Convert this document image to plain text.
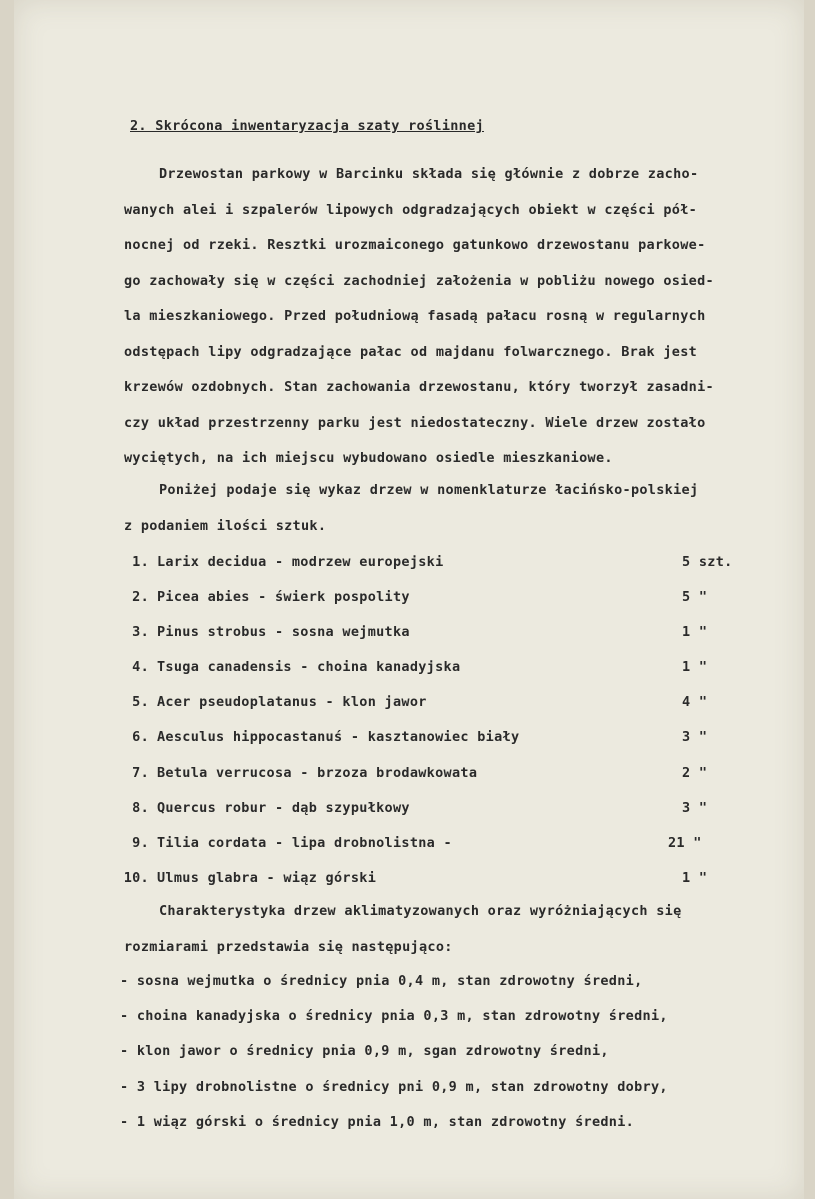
2. Skrócona inwentaryzacja szaty roślinnej
Drzewostan parkowy w Barcinku składa się głównie z dobrze zacho-
wanych alei i szpalerów lipowych odgradzających obiekt w części pół-
nocnej od rzeki. Resztki urozmaiconego gatunkowo drzewostanu parkowe-
go zachowały się w części zachodniej założenia w pobliżu nowego osied-
la mieszkaniowego. Przed południową fasadą pałacu rosną w regularnych
odstępach lipy odgradzające pałac od majdanu folwarcznego. Brak jest
krzewów ozdobnych. Stan zachowania drzewostanu, który tworzył zasadni-
czy układ przestrzenny parku jest niedostateczny. Wiele drzew zostało
wyciętych, na ich miejscu wybudowano osiedle mieszkaniowe.
Poniżej podaje się wykaz drzew w nomenklaturze łacińsko-polskiej
z podaniem ilości sztuk.
1. Larix decidua - modrzew europejski	5 szt.
2. Picea abies - świerk pospolity	5 "
3. Pinus strobus - sosna wejmutka	1 "
4. Tsuga canadensis - choina kanadyjska	1 "
5. Acer pseudoplatanus - klon jawor	4 "
6. Aesculus hippocastanuś - kasztanowiec biały	3 "
7. Betula verrucosa - brzoza brodawkowata	2 "
8. Quercus robur - dąb szypułkowy	3 "
9. Tilia cordata - lipa drobnolistna -	21 "
10. Ulmus glabra - wiąz górski	1 "
Charakterystyka drzew aklimatyzowanych oraz wyróżniających się
rozmiarami przedstawia się następująco:
- sosna wejmutka o średnicy pnia 0,4 m, stan zdrowotny średni,
- choina kanadyjska o średnicy pnia 0,3 m, stan zdrowotny średni,
- klon jawor o średnicy pnia 0,9 m, sgan zdrowotny średni,
- 3 lipy drobnolistne o średnicy pni 0,9 m, stan zdrowotny dobry,
- 1 wiąz górski o średnicy pnia 1,0 m, stan zdrowotny średni.
